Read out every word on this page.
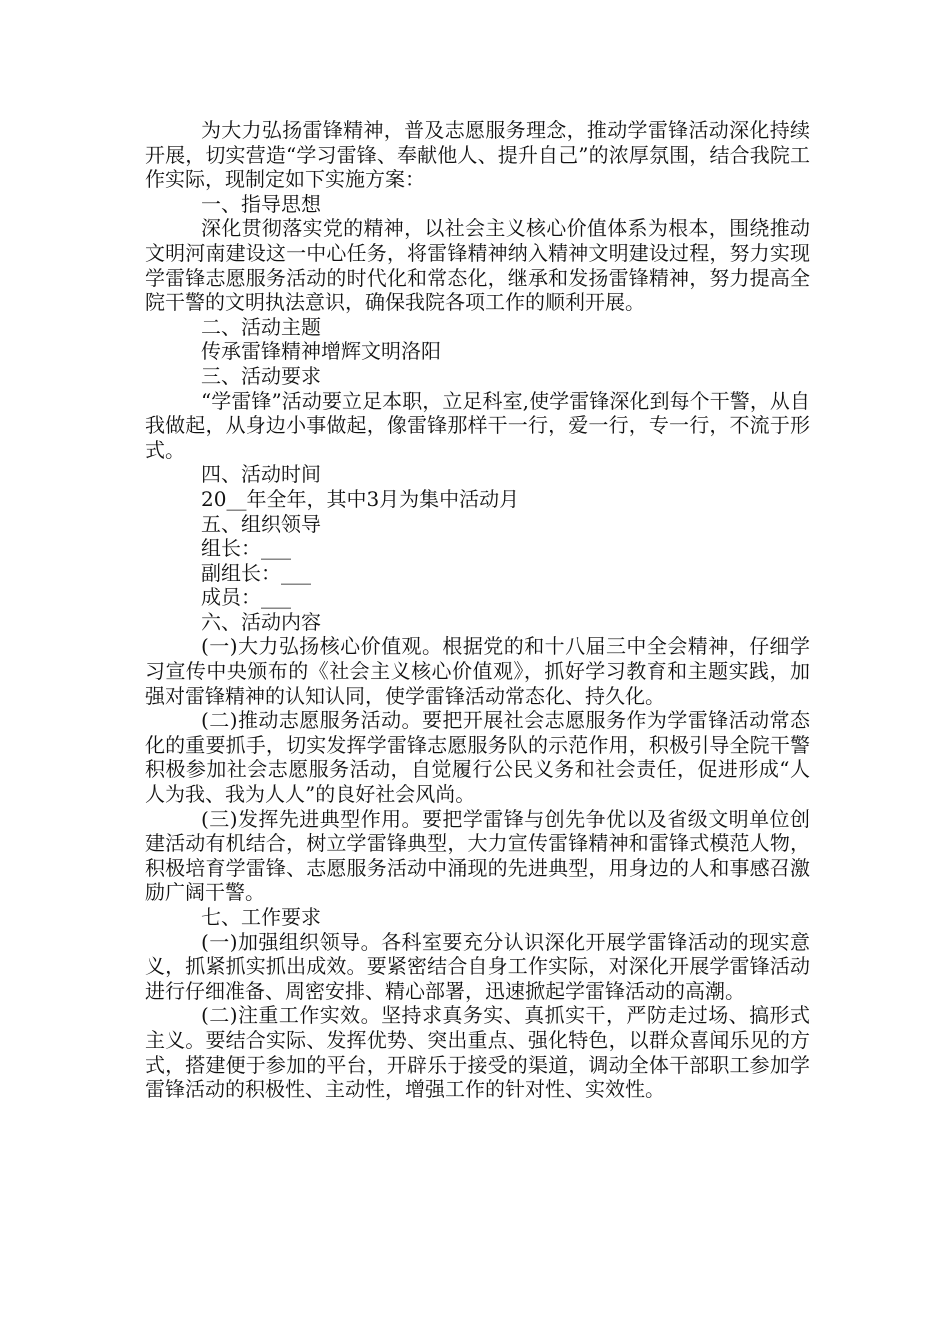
为大力弘扬雷锋精神，普及志愿服务理念，推动学雷锋活动深化持续开展，切实营造“学习雷锋、奉献他人、提升自己”的浓厚氛围，结合我院工作实际，现制定如下实施方案：

一、指导思想

深化贯彻落实党的精神，以社会主义核心价值体系为根本，围绕推动文明河南建设这一中心任务，将雷锋精神纳入精神文明建设过程，努力实现学雷锋志愿服务活动的时代化和常态化，继承和发扬雷锋精神，努力提高全院干警的文明执法意识，确保我院各项工作的顺利开展。

二、活动主题

传承雷锋精神增辉文明洛阳

三、活动要求

“学雷锋”活动要立足本职，立足科室,使学雷锋深化到每个干警，从自我做起，从身边小事做起，像雷锋那样干一行，爱一行，专一行，不流于形式。

四、活动时间

20__年全年，其中3月为集中活动月

五、组织领导

组长：___

副组长：___

成员：___

六、活动内容

(一)大力弘扬核心价值观。根据党的和十八届三中全会精神，仔细学习宣传中央颁布的《社会主义核心价值观》，抓好学习教育和主题实践，加强对雷锋精神的认知认同，使学雷锋活动常态化、持久化。

(二)推动志愿服务活动。要把开展社会志愿服务作为学雷锋活动常态化的重要抓手，切实发挥学雷锋志愿服务队的示范作用，积极引导全院干警积极参加社会志愿服务活动，自觉履行公民义务和社会责任，促进形成“人人为我、我为人人”的良好社会风尚。

(三)发挥先进典型作用。要把学雷锋与创先争优以及省级文明单位创建活动有机结合，树立学雷锋典型，大力宣传雷锋精神和雷锋式模范人物，积极培育学雷锋、志愿服务活动中涌现的先进典型，用身边的人和事感召激励广阔干警。

七、工作要求

(一)加强组织领导。各科室要充分认识深化开展学雷锋活动的现实意义，抓紧抓实抓出成效。要紧密结合自身工作实际，对深化开展学雷锋活动进行仔细准备、周密安排、精心部署，迅速掀起学雷锋活动的高潮。

(二)注重工作实效。坚持求真务实、真抓实干，严防走过场、搞形式主义。要结合实际、发挥优势、突出重点、强化特色，以群众喜闻乐见的方式，搭建便于参加的平台，开辟乐于接受的渠道，调动全体干部职工参加学雷锋活动的积极性、主动性，增强工作的针对性、实效性。
